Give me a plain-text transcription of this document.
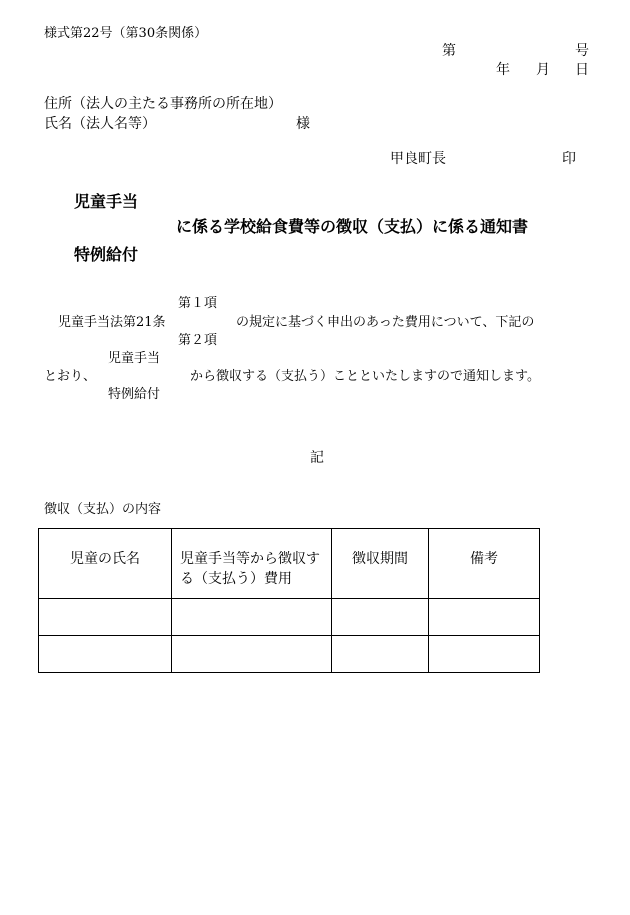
様式第22号（第30条関係）
第	号
年 月 日
住所（法人の主たる事務所の所在地）
氏名（法人名等）	様
甲良町長	印
児童手当
に係る学校給食費等の徴収（支払）に係る通知書
特例給付
第１項
児童手当法第21条	の規定に基づく申出のあった費用について、下記の
第２項
児童手当
とおり、	から徴収する（支払う）ことといたしますので通知します。
特例給付
記
徴収（支払）の内容
児童の氏名	児童手当等から徴収する（支払う）費用	徴収期間	備考
